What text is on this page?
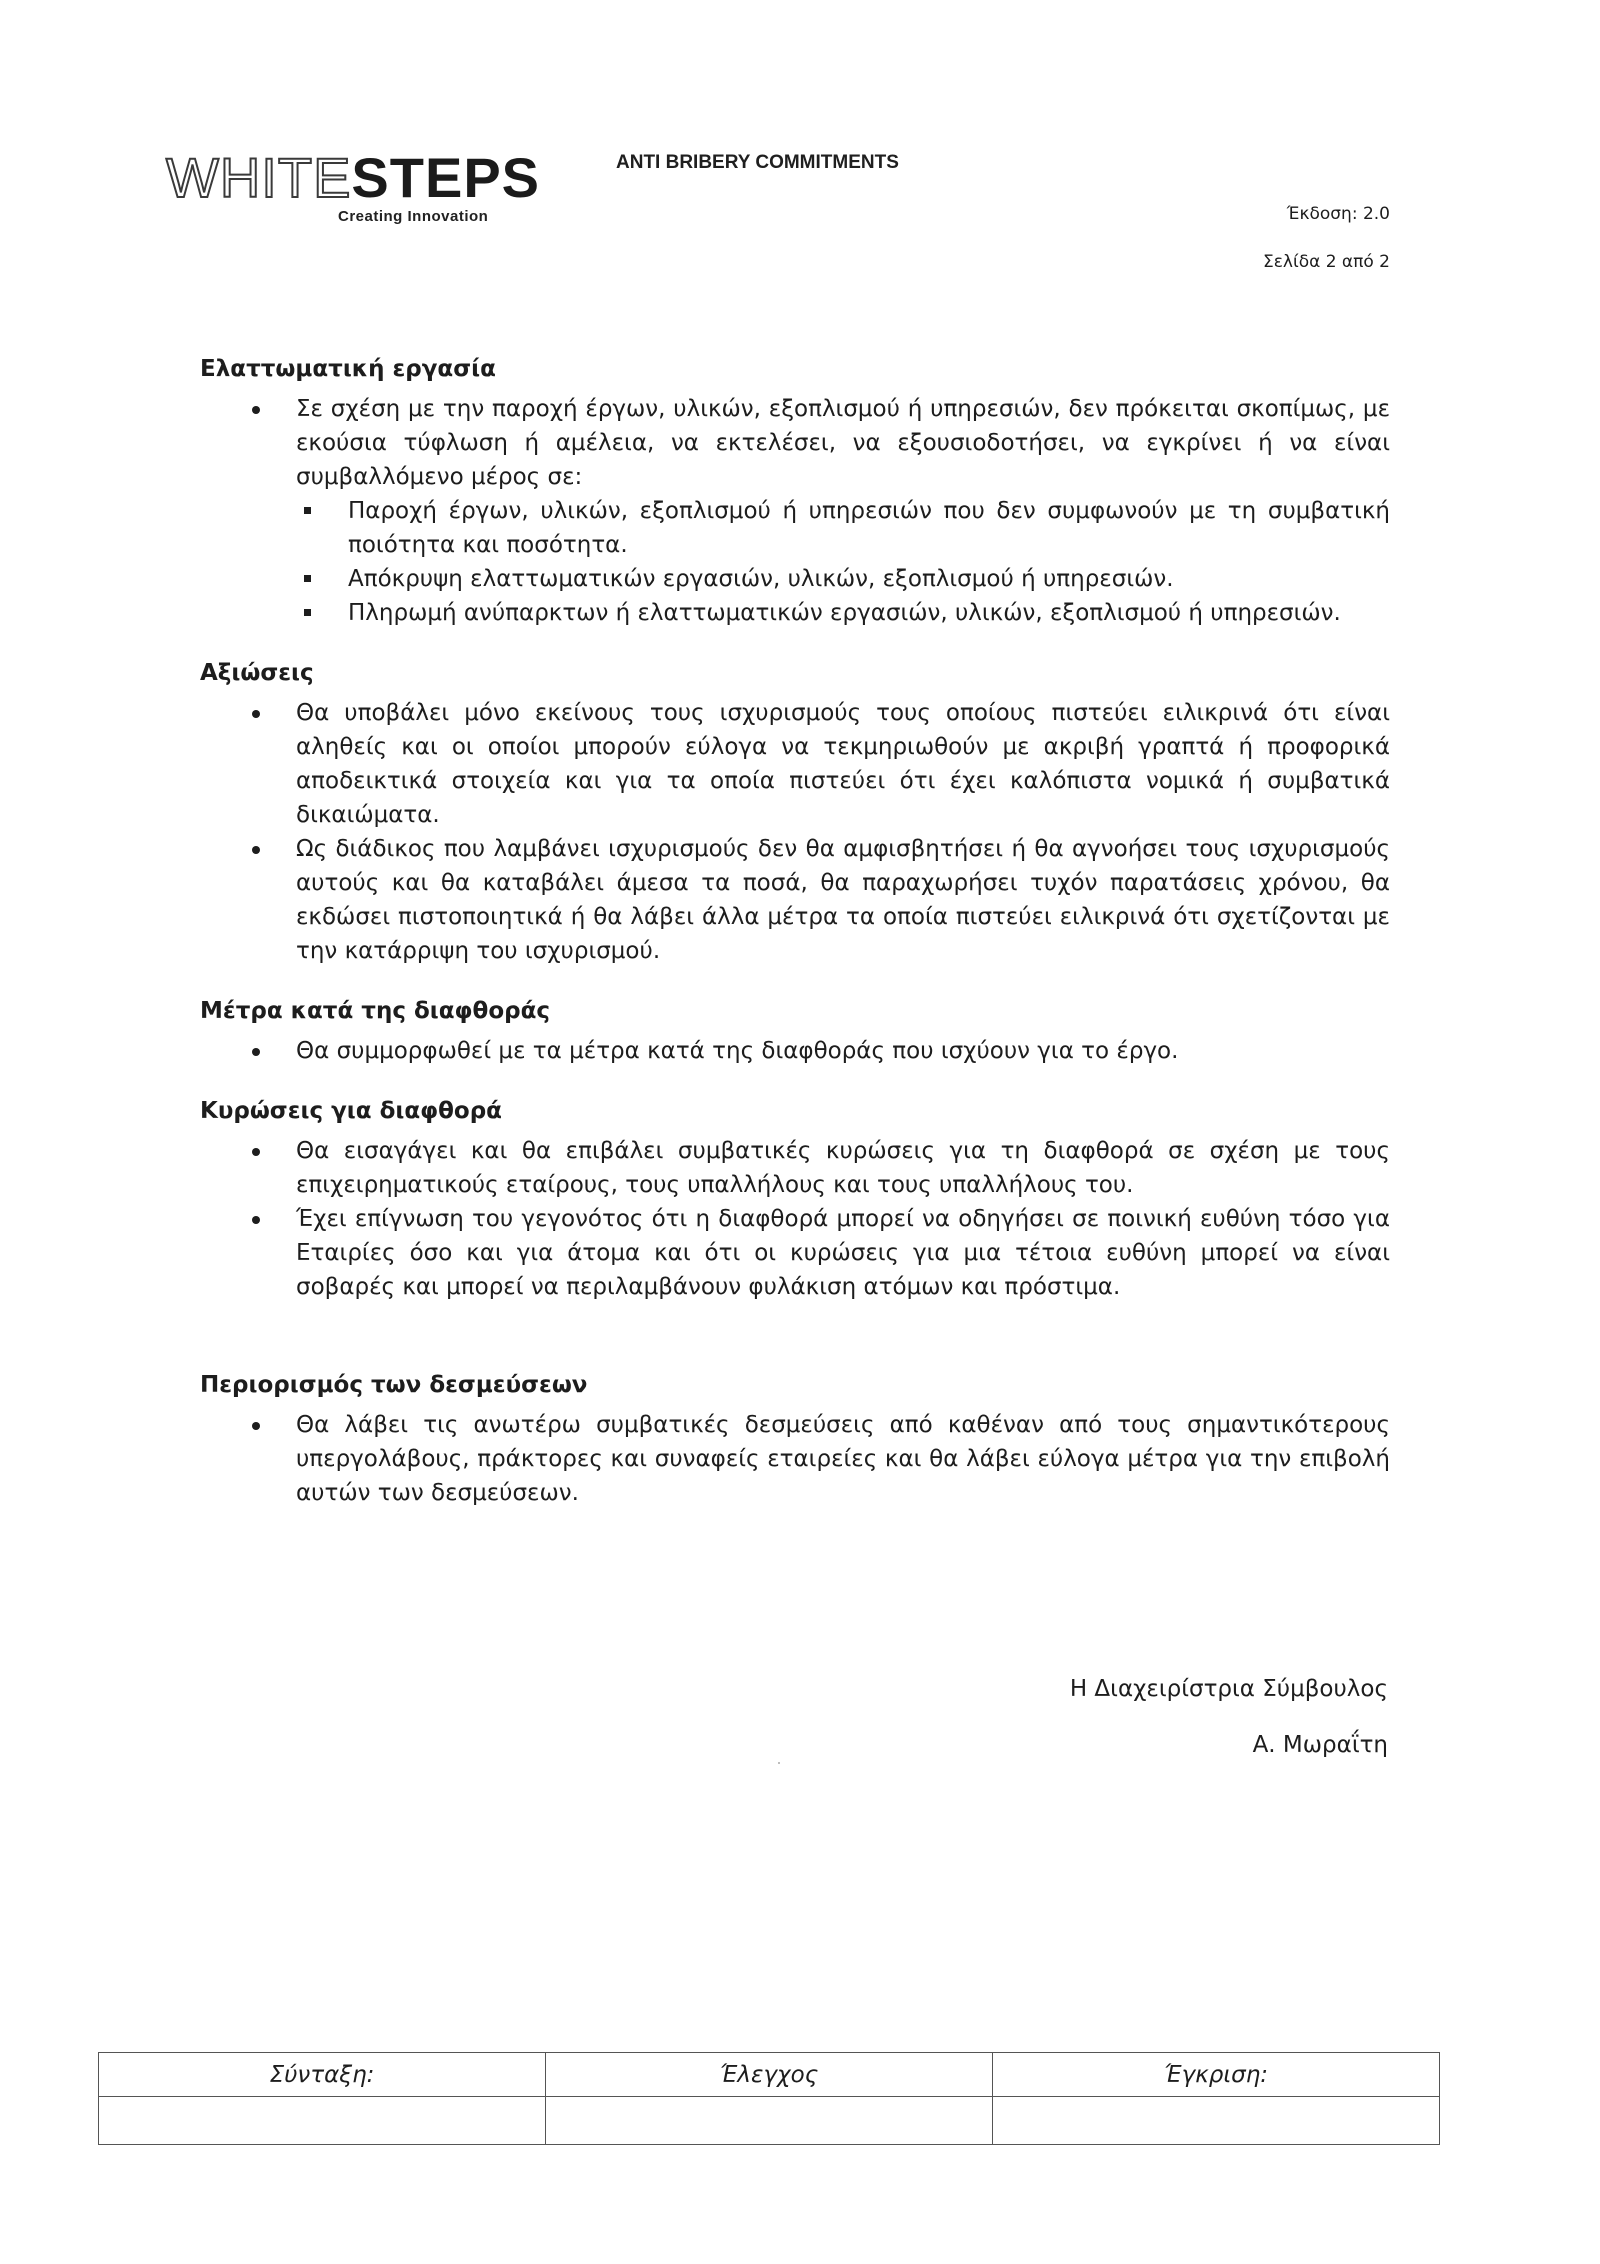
WHITESTEPS
Creating Innovation
ANTI BRIBERY COMMITMENTS
Έκδοση: 2.0
Σελίδα 2 από 2
Ελαττωματική εργασία
Σε σχέση με την παροχή έργων, υλικών, εξοπλισμού ή υπηρεσιών, δεν πρόκειται σκοπίμως, με εκούσια τύφλωση ή αμέλεια, να εκτελέσει, να εξουσιοδοτήσει, να εγκρίνει ή να είναι συμβαλλόμενο μέρος σε:
Παροχή έργων, υλικών, εξοπλισμού ή υπηρεσιών που δεν συμφωνούν με τη συμβατική ποιότητα και ποσότητα.
Απόκρυψη ελαττωματικών εργασιών, υλικών, εξοπλισμού ή υπηρεσιών.
Πληρωμή ανύπαρκτων ή ελαττωματικών εργασιών, υλικών, εξοπλισμού ή υπηρεσιών.
Αξιώσεις
Θα υποβάλει μόνο εκείνους τους ισχυρισμούς τους οποίους πιστεύει ειλικρινά ότι είναι αληθείς και οι οποίοι μπορούν εύλογα να τεκμηριωθούν με ακριβή γραπτά ή προφορικά αποδεικτικά στοιχεία και για τα οποία πιστεύει ότι έχει καλόπιστα νομικά ή συμβατικά δικαιώματα.
Ως διάδικος που λαμβάνει ισχυρισμούς δεν θα αμφισβητήσει ή θα αγνοήσει τους ισχυρισμούς αυτούς και θα καταβάλει άμεσα τα ποσά, θα παραχωρήσει τυχόν παρατάσεις χρόνου, θα εκδώσει πιστοποιητικά ή θα λάβει άλλα μέτρα τα οποία πιστεύει ειλικρινά ότι σχετίζονται με την κατάρριψη του ισχυρισμού.
Μέτρα κατά της διαφθοράς
Θα συμμορφωθεί με τα μέτρα κατά της διαφθοράς που ισχύουν για το έργο.
Κυρώσεις για διαφθορά
Θα εισαγάγει και θα επιβάλει συμβατικές κυρώσεις για τη διαφθορά σε σχέση με τους επιχειρηματικούς εταίρους, τους υπαλλήλους και τους υπαλλήλους του.
Έχει επίγνωση του γεγονότος ότι η διαφθορά μπορεί να οδηγήσει σε ποινική ευθύνη τόσο για Εταιρίες όσο και για άτομα και ότι οι κυρώσεις για μια τέτοια ευθύνη μπορεί να είναι σοβαρές και μπορεί να περιλαμβάνουν φυλάκιση ατόμων και πρόστιμα.
Περιορισμός των δεσμεύσεων
Θα λάβει τις ανωτέρω συμβατικές δεσμεύσεις από καθέναν από τους σημαντικότερους υπεργολάβους, πράκτορες και συναφείς εταιρείες και θα λάβει εύλογα μέτρα για την επιβολή αυτών των δεσμεύσεων.
Η Διαχειρίστρια Σύμβουλος
Α. Μωραΐτη
Σύνταξη:	Έλεγχος	Έγκριση:
